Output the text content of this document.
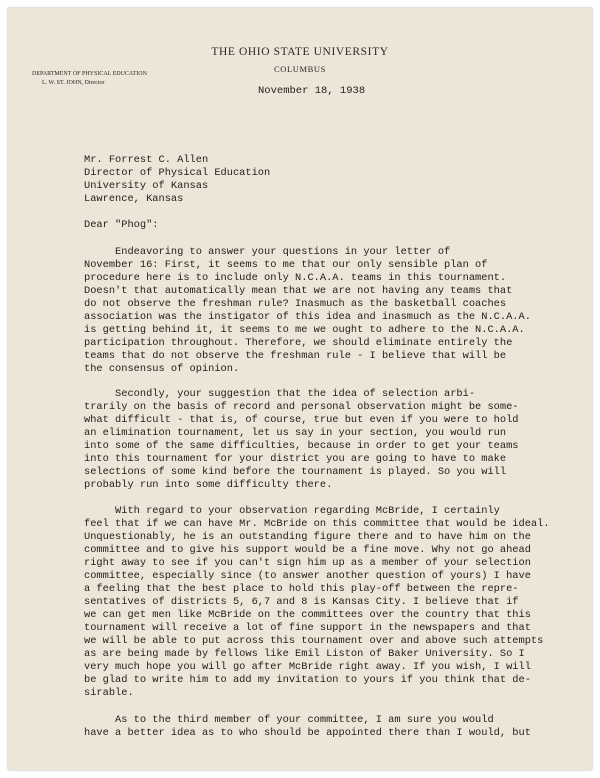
THE OHIO STATE UNIVERSITY
COLUMBUS
DEPARTMENT OF PHYSICAL EDUCATION
L. W. ST. JOHN, Director
November 18, 1938
Mr. Forrest C. Allen
Director of Physical Education
University of Kansas
Lawrence, Kansas
Dear "Phog":
Endeavoring to answer your questions in your letter of
November 16: First, it seems to me that our only sensible plan of
procedure here is to include only N.C.A.A. teams in this tournament.
Doesn't that automatically mean that we are not having any teams that
do not observe the freshman rule? Inasmuch as the basketball coaches
association was the instigator of this idea and inasmuch as the N.C.A.A.
is getting behind it, it seems to me we ought to adhere to the N.C.A.A.
participation throughout. Therefore, we should eliminate entirely the
teams that do not observe the freshman rule - I believe that will be
the consensus of opinion.
Secondly, your suggestion that the idea of selection arbi-
trarily on the basis of record and personal observation might be some-
what difficult - that is, of course, true but even if you were to hold
an elimination tournament, let us say in your section, you would run
into some of the same difficulties, because in order to get your teams
into this tournament for your district you are going to have to make
selections of some kind before the tournament is played. So you will
probably run into some difficulty there.
With regard to your observation regarding McBride, I certainly
feel that if we can have Mr. McBride on this committee that would be ideal.
Unquestionably, he is an outstanding figure there and to have him on the
committee and to give his support would be a fine move. Why not go ahead
right away to see if you can't sign him up as a member of your selection
committee, especially since (to answer another question of yours) I have
a feeling that the best place to hold this play-off between the repre-
sentatives of districts 5, 6,7 and 8 is Kansas City. I believe that if
we can get men like McBride on the committees over the country that this
tournament will receive a lot of fine support in the newspapers and that
we will be able to put across this tournament over and above such attempts
as are being made by fellows like Emil Liston of Baker University. So I
very much hope you will go after McBride right away. If you wish, I will
be glad to write him to add my invitation to yours if you think that de-
sirable.
As to the third member of your committee, I am sure you would
have a better idea as to who should be appointed there than I would, but
